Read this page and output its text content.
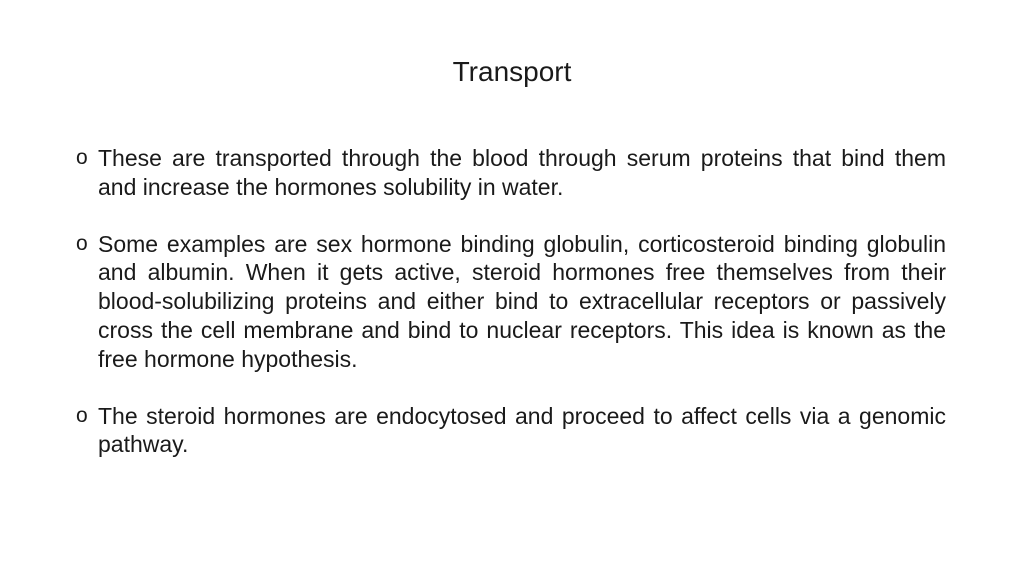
Transport
o These are transported through the blood through serum proteins that bind them and increase the hormones solubility in water.
o Some examples are sex hormone binding globulin, corticosteroid binding globulin and albumin. When it gets active, steroid hormones free themselves from their blood-solubilizing proteins and either bind to extracellular receptors or passively cross the cell membrane and bind to nuclear receptors. This idea is known as the free hormone hypothesis.
o The steroid hormones are endocytosed and proceed to affect cells via a genomic pathway.
